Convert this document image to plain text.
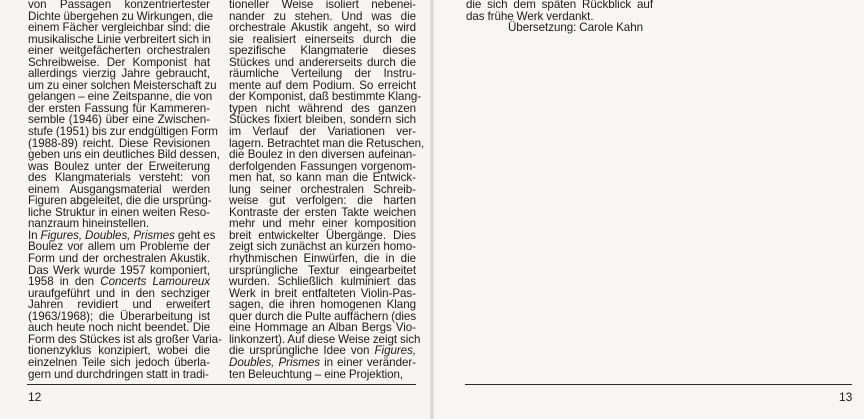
von Passagen konzentriertester
Dichte übergehen zu Wirkungen, die
einem Fächer vergleichbar sind: die
musikalische Linie verbreitert sich in
einer weitgefächerten orchestralen
Schreibweise. Der Komponist hat
allerdings vierzig Jahre gebraucht,
um zu einer solchen Meisterschaft zu
gelangen – eine Zeitspanne, die von
der ersten Fassung für Kammeren-
semble (1946) über eine Zwischen-
stufe (1951) bis zur endgültigen Form
(1988-89) reicht. Diese Revisionen
geben uns ein deutliches Bild dessen,
was Boulez unter der Erweiterung
des Klangmaterials versteht: von
einem Ausgangsmaterial werden
Figuren abgeleitet, die die ursprüng-
liche Struktur in einen weiten Reso-
nanzraum hineinstellen.
In Figures, Doubles, Prismes geht es
Boulez vor allem um Probleme der
Form und der orchestralen Akustik.
Das Werk wurde 1957 komponiert,
1958 in den Concerts Lamoureux
uraufgeführt und in den sechziger
Jahren revidiert und erweitert
(1963/1968); die Überarbeitung ist
auch heute noch nicht beendet. Die
Form des Stückes ist als großer Varia-
tionenzyklus konzipiert, wobei die
einzelnen Teile sich jedoch überla-
gern und durchdringen statt in tradi-
tioneller Weise isoliert nebenei-
nander zu stehen. Und was die
orchestrale Akustik angeht, so wird
sie realisiert einerseits durch die
spezifische Klangmaterie dieses
Stückes und andererseits durch die
räumliche Verteilung der Instru-
mente auf dem Podium. So erreicht
der Komponist, daß bestimmte Klang-
typen nicht während des ganzen
Stückes fixiert bleiben, sondern sich
im Verlauf der Variationen ver-
lagern. Betrachtet man die Retuschen,
die Boulez in den diversen aufeinan-
derfolgenden Fassungen vorgenom-
men hat, so kann man die Entwick-
lung seiner orchestralen Schreib-
weise gut verfolgen: die harten
Kontraste der ersten Takte weichen
mehr und mehr einer komposition
breit entwickelter Übergänge. Dies
zeigt sich zunächst an kurzen homo-
rhythmischen Einwürfen, die in die
ursprüngliche Textur eingearbeitet
wurden. Schließlich kulminiert das
Werk in breit entfalteten Violin-Pas-
sagen, die ihren homogenen Klang
quer durch die Pulte auffächern (dies
eine Hommage an Alban Bergs Vio-
linkonzert). Auf diese Weise zeigt sich
die ursprüngliche Idee von Figures,
Doubles, Prismes in einer veränder-
ten Beleuchtung – eine Projektion,
12
die sich dem späten Rückblick auf
das frühe Werk verdankt.
Übersetzung: Carole Kahn
13
